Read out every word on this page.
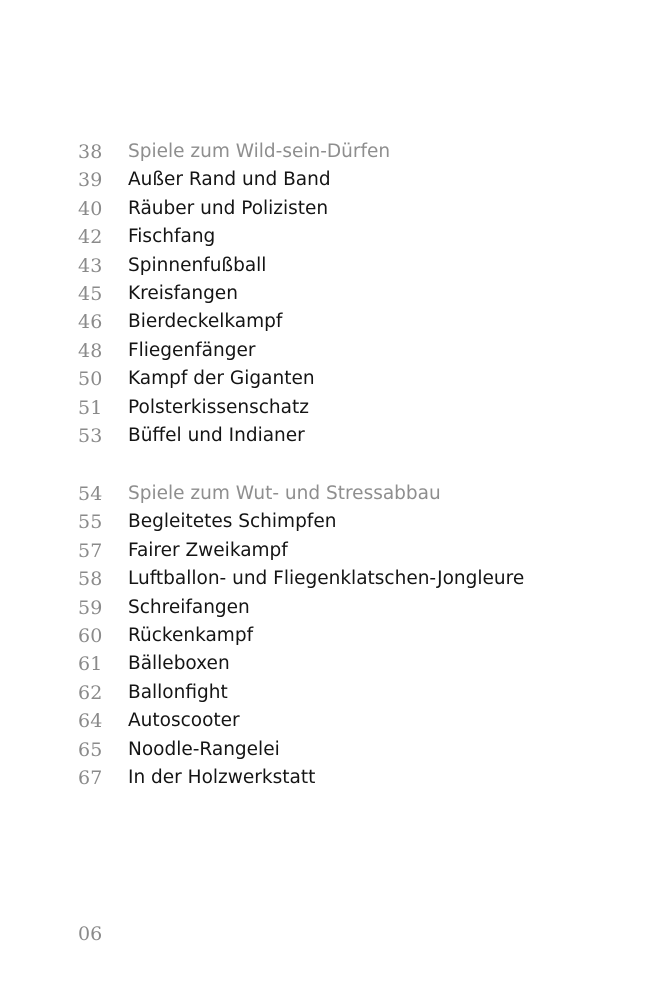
38	Spiele zum Wild-sein-Dürfen
39	Außer Rand und Band
40	Räuber und Polizisten
42	Fischfang
43	Spinnenfußball
45	Kreisfangen
46	Bierdeckelkampf
48	Fliegenfänger
50	Kampf der Giganten
51	Polsterkissenschatz
53	Büffel und Indianer
54	Spiele zum Wut- und Stressabbau
55	Begleitetes Schimpfen
57	Fairer Zweikampf
58	Luftballon- und Fliegenklatschen-Jongleure
59	Schreifangen
60	Rückenkampf
61	Bälleboxen
62	Ballonfight
64	Autoscooter
65	Noodle-Rangelei
67	In der Holzwerkstatt
06
